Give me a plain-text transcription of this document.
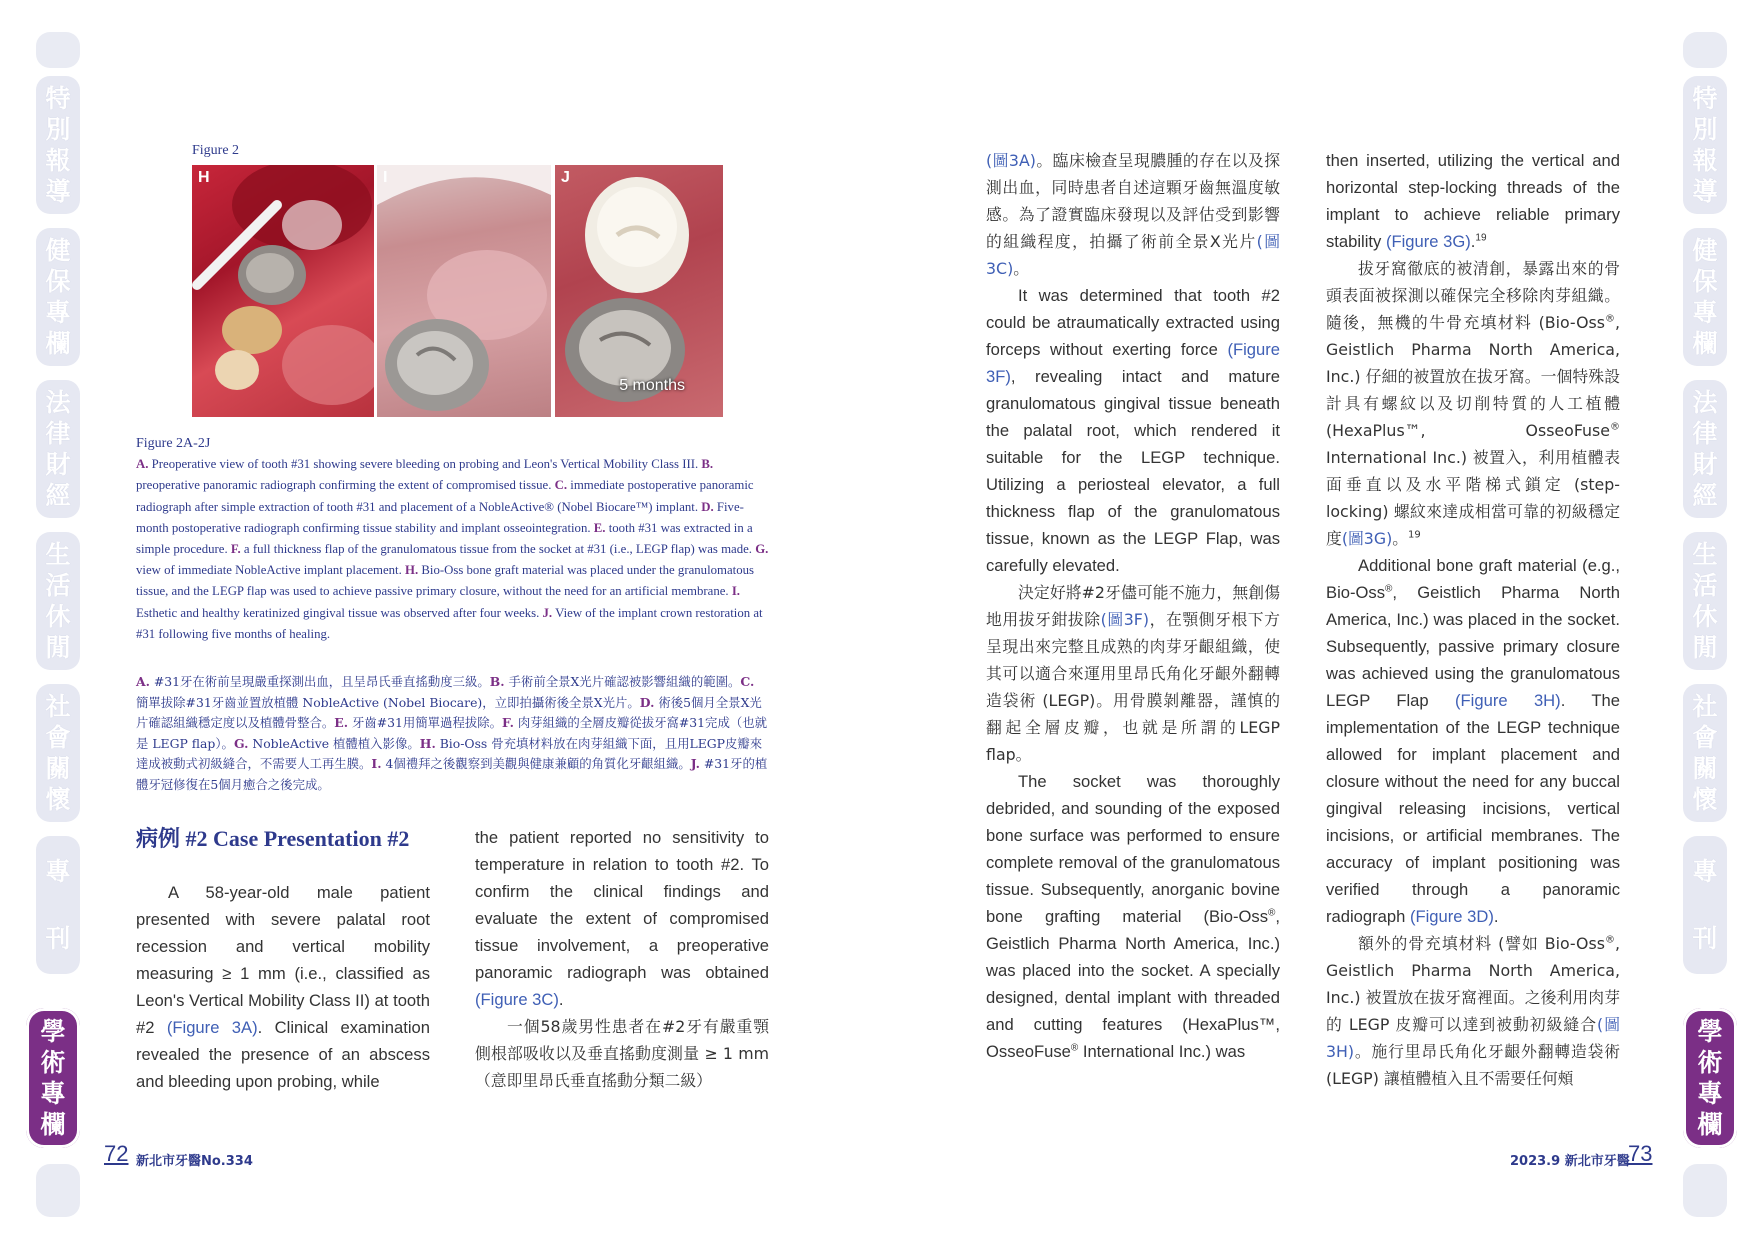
特
別
報
導
健
保
專
欄
法
律
財
經
生
活
休
閒
社
會
關
懷
專
刊
學
術
專
欄
特
別
報
導
健
保
專
欄
法
律
財
經
生
活
休
閒
社
會
關
懷
專
刊
學
術
專
欄
Figure 2
H	I	J
5 months
Figure 2A-2J
A. Preoperative view of tooth #31 showing severe bleeding on probing and Leon's Vertical Mobility Class III. B. preoperative panoramic radiograph confirming the extent of compromised tissue. C. immediate postoperative panoramic radiograph after simple extraction of tooth #31 and placement of a NobleActive® (Nobel Biocare™) implant. D. Five-month postoperative radiograph confirming tissue stability and implant osseointegration. E. tooth #31 was extracted in a simple procedure. F. a full thickness flap of the granulomatous tissue from the socket at #31 (i.e., LEGP flap) was made. G. view of immediate NobleActive implant placement. H. Bio-Oss bone graft material was placed under the granulomatous tissue, and the LEGP flap was used to achieve passive primary closure, without the need for an artificial membrane. I. Esthetic and healthy keratinized gingival tissue was observed after four weeks. J. View of the implant crown restoration at #31 following five months of healing.
A. #31牙在術前呈現嚴重探測出血，且呈昂氏垂直搖動度三級。B. 手術前全景X光片確認被影響組織的範圍。C. 簡單拔除#31牙齒並置放植體 NobleActive (Nobel Biocare)，立即拍攝術後全景X光片。D. 術後5個月全景X光片確認組織穩定度以及植體骨整合。E. 牙齒#31用簡單過程拔除。F. 肉芽組織的全層皮瓣從拔牙窩#31完成（也就是 LEGP flap）。G. NobleActive 植體植入影像。H. Bio-Oss 骨充填材料放在肉芽組織下面，且用LEGP皮瓣來達成被動式初級縫合，不需要人工再生膜。I. 4個禮拜之後觀察到美觀與健康兼顧的角質化牙齦組織。J. #31牙的植體牙冠修復在5個月癒合之後完成。
病例 #2 Case Presentation #2

A 58-year-old male patient presented with severe palatal root recession and vertical mobility measuring ≥ 1 mm (i.e., classified as Leon's Vertical Mobility Class II) at tooth #2 (Figure 3A). Clinical examination revealed the presence of an abscess and bleeding upon probing, while

the patient reported no sensitivity to temperature in relation to tooth #2. To confirm the clinical findings and evaluate the extent of compromised tissue involvement, a preoperative panoramic radiograph was obtained (Figure 3C).

一個58歲男性患者在#2牙有嚴重顎側根部吸收以及垂直搖動度測量 ≥ 1 mm（意即里昂氏垂直搖動分類二級）

(圖3A)。臨床檢查呈現膿腫的存在以及探測出血，同時患者自述這顆牙齒無溫度敏感。為了證實臨床發現以及評估受到影響的組織程度，拍攝了術前全景X光片(圖3C)。

It was determined that tooth #2 could be atraumatically extracted using forceps without exerting force (Figure 3F), revealing intact and mature granulomatous gingival tissue beneath the palatal root, which rendered it suitable for the LEGP technique. Utilizing a periosteal elevator, a full thickness flap of the granulomatous tissue, known as the LEGP Flap, was carefully elevated.

決定好將#2牙儘可能不施力，無創傷地用拔牙鉗拔除(圖3F)，在顎側牙根下方呈現出來完整且成熟的肉芽牙齦組織，使其可以適合來運用里昂氏角化牙齦外翻轉造袋術 (LEGP)。用骨膜剝離器，謹慎的翻起全層皮瓣，也就是所謂的LEGP flap。

The socket was thoroughly debrided, and sounding of the exposed bone surface was performed to ensure complete removal of the granulomatous tissue. Subsequently, anorganic bovine bone grafting material (Bio-Oss®, Geistlich Pharma North America, Inc.) was placed into the socket. A specially designed, dental implant with threaded and cutting features (HexaPlus™, OsseoFuse® International Inc.) was

then inserted, utilizing the vertical and horizontal step-locking threads of the implant to achieve reliable primary stability (Figure 3G).$^{19}$

拔牙窩徹底的被清創，暴露出來的骨頭表面被探測以確保完全移除肉芽組織。隨後，無機的牛骨充填材料 (Bio-Oss®, Geistlich Pharma North America, Inc.) 仔細的被置放在拔牙窩。一個特殊設計具有螺紋以及切削特質的人工植體 (HexaPlus™, OsseoFuse® International Inc.) 被置入，利用植體表面垂直以及水平階梯式鎖定 (step-locking) 螺紋來達成相當可靠的初級穩定度(圖3G)。$^{19}$

Additional bone graft material (e.g., Bio-Oss®, Geistlich Pharma North America, Inc.) was placed in the socket. Subsequently, passive primary closure was achieved using the granulomatous LEGP Flap (Figure 3H). The implementation of the LEGP technique allowed for implant placement and closure without the need for any buccal gingival releasing incisions, vertical incisions, or artificial membranes. The accuracy of implant positioning was verified through a panoramic radiograph (Figure 3D).

額外的骨充填材料 (譬如 Bio-Oss®, Geistlich Pharma North America, Inc.) 被置放在拔牙窩裡面。之後利用肉芽的 LEGP 皮瓣可以達到被動初級縫合(圖3H)。施行里昂氏角化牙齦外翻轉造袋術 (LEGP) 讓植體植入且不需要任何頰

72 新北市牙醫No.334	2023.9 新北市牙醫
73
